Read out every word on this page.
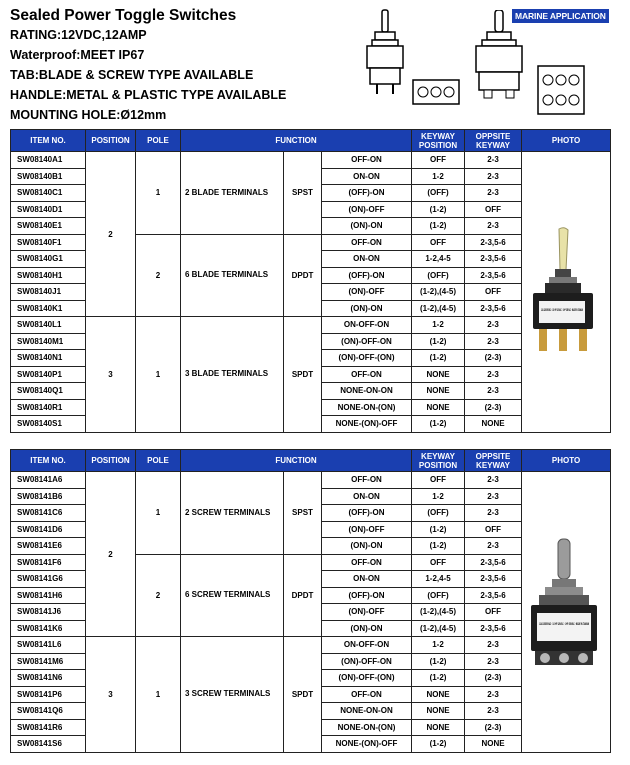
Sealed Power Toggle Switches
RATING:12VDC,12AMP
Waterproof:MEET IP67
TAB:BLADE & SCREW TYPE AVAILABLE
HANDLE:METAL & PLASTIC TYPE AVAILABLE
MOUNTING HOLE:Ø12mm
MARINE APPLICATION
ITEM NO.	POSITION	POLE	FUNCTION			KEYWAY POSITION	OPPSITE KEYWAY	PHOTO
SW08140A1	2	1	2 BLADE TERMINALS	SPST	OFF-ON	OFF	2-3	12A 125/250VAC · 1/2 HP 125VAC · 1 HP 250VAC · MADE IN TAIWAN

SW08140B1					ON-ON	1-2	2-3	
SW08140C1					(OFF)-ON	(OFF)	2-3	
SW08140D1					(ON)-OFF	(1-2)	OFF	
SW08140E1					(ON)-ON	(1-2)	2-3	
SW08140F1		2	6 BLADE TERMINALS	DPDT	OFF-ON	OFF	2-3,5-6	
SW08140G1					ON-ON	1-2,4-5	2-3,5-6	
SW08140H1					(OFF)-ON	(OFF)	2-3,5-6	
SW08140J1					(ON)-OFF	(1-2),(4-5)	OFF	
SW08140K1					(ON)-ON	(1-2),(4-5)	2-3,5-6	
SW08140L1	3	1	3 BLADE TERMINALS	SPDT	ON-OFF-ON	1-2	2-3	
SW08140M1					(ON)-OFF-ON	(1-2)	2-3	
SW08140N1					(ON)-OFF-(ON)	(1-2)	(2-3)	
SW08140P1					OFF-ON	NONE	2-3	
SW08140Q1					NONE-ON-ON	NONE	2-3	
SW08140R1					NONE-ON-(ON)	NONE	(2-3)	
SW08140S1					NONE-(ON)-OFF	(1-2)	NONE	
ITEM NO.	POSITION	POLE	FUNCTION			KEYWAY POSITION	OPPSITE KEYWAY	PHOTO
SW08141A6	2	1	2 SCREW TERMINALS	SPST	OFF-ON	OFF	2-3	12A 125/250VAC · 1/2 HP 125VAC · 1 HP 250VAC · MADE IN TAIWAN

SW08141B6					ON-ON	1-2	2-3	
SW08141C6					(OFF)-ON	(OFF)	2-3	
SW08141D6					(ON)-OFF	(1-2)	OFF	
SW08141E6					(ON)-ON	(1-2)	2-3	
SW08141F6		2	6 SCREW TERMINALS	DPDT	OFF-ON	OFF	2-3,5-6	
SW08141G6					ON-ON	1-2,4-5	2-3,5-6	
SW08141H6					(OFF)-ON	(OFF)	2-3,5-6	
SW08141J6					(ON)-OFF	(1-2),(4-5)	OFF	
SW08141K6					(ON)-ON	(1-2),(4-5)	2-3,5-6	
SW08141L6	3	1	3 SCREW TERMINALS	SPDT	ON-OFF-ON	1-2	2-3	
SW08141M6					(ON)-OFF-ON	(1-2)	2-3	
SW08141N6					(ON)-OFF-(ON)	(1-2)	(2-3)	
SW08141P6					OFF-ON	NONE	2-3	
SW08141Q6					NONE-ON-ON	NONE	2-3	
SW08141R6					NONE-ON-(ON)	NONE	(2-3)	
SW08141S6					NONE-(ON)-OFF	(1-2)	NONE	
